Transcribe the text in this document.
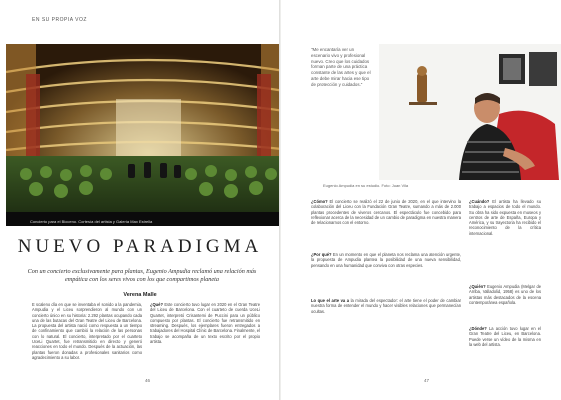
EN SU PROPIA VOZ
Concierto para el Bioceno. Cortesía del artista y Galería Max Estrella
NUEVO PARADIGMA
Con un concierto exclusivamente para plantas, Eugenio Ampudia reclamó una relación más empática con los seres vivos con los que compartimos planeta
Verena Malle
E scaleno día en que se inventaba el sonido a la pandemia, Ampudia y el Liceu sorprendieron al mundo con un concierto único en su historia: 2.292 plantas ocupando cada una de las butacas del Gran Teatre del Liceu de Barcelona. La propuesta del artista nació como respuesta a un tiempo de confinamiento que cambió la relación de las personas con lo natural. El concierto, interpretado por el cuarteto UceLi Quartet, fue retransmitido en directo y generó reacciones en todo el mundo. Después de la actuación, las plantas fueron donadas a profesionales sanitarios como agradecimiento a su labor.
¿Qué? Este concierto tuvo lugar en 2020 en el Gran Teatre del Liceu de Barcelona. Con el cuarteto de cuerda UceLi Quartet, interpretó Crisantemi de Puccini para un público compuesto por plantas. El concierto fue retransmitido en streaming. Después, los ejemplares fueron entregados a trabajadores del Hospital Clínic de Barcelona. Finalmente, el trabajo se acompaña de un texto escrito por el propio artista.
46
"Me encantaría ver un escenario vivo y profesional nuevo. Creo que los cuidados forman parte de una práctica constante de las artes y que el arte debe mirar hacia ese tipo de protección y cuidados."
Eugenio Ampudia en su estudio. Foto: Juan Vila
¿Cómo? El concierto se realizó el 22 de junio de 2020, en el que intervino la colaboración del Liceu con la Fundación Gran Teatre, sumando a más de 2.000 plantas procedentes de viveros cercanos. El espectáculo fue concebido para reflexionar acerca de la necesidad de un cambio de paradigma en nuestra manera de relacionarnos con el entorno.
¿Por qué? En un momento en que el planeta nos reclama una atención urgente, la propuesta de Ampudia plantea la posibilidad de una nueva sensibilidad, pensando en una humanidad que conviva con otras especies.
Lo que el arte va a la mirada del espectador: el arte tiene el poder de cambiar nuestra forma de entender el mundo y hacer visibles relaciones que permanecían ocultas.
¿Cuándo? El artista ha llevado su trabajo a espacios de todo el mundo. Su obra ha sido expuesta en museos y centros de arte de España, Europa y América, y su trayectoria ha recibido el reconocimiento de la crítica internacional.
¿Quién? Eugenio Ampudia (Melgar de Arriba, Valladolid, 1958) es uno de los artistas más destacados de la escena contemporánea española.
¿Dónde? La acción tuvo lugar en el Gran Teatre del Liceu, en Barcelona. Puede verse un vídeo de la misma en la web del artista.
47
